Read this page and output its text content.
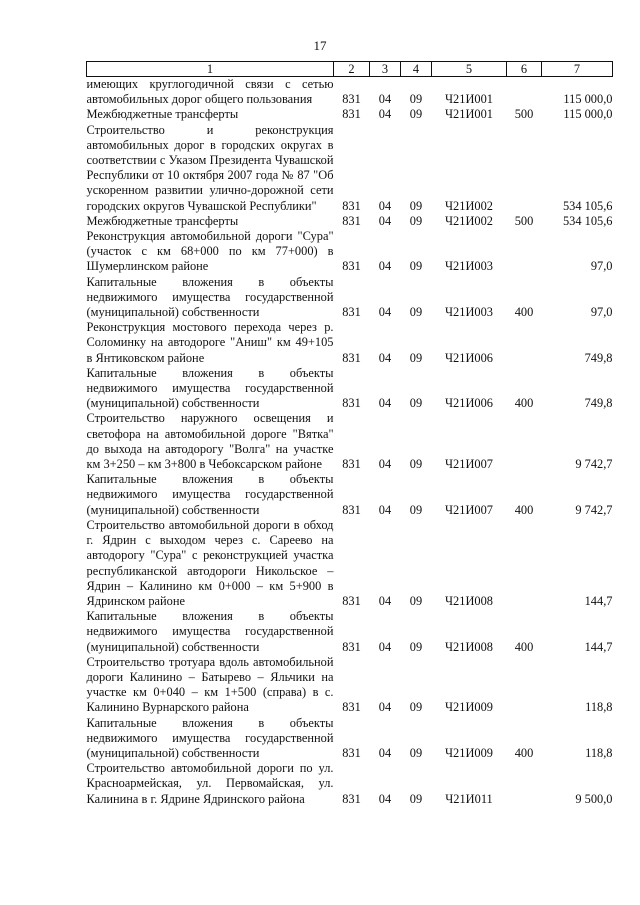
17
1	2	3	4	5	6	7
имеющих круглогодичной связи с сетью автомобильных дорог общего пользования	831	04	09	Ч21И001		115 000,0
Межбюджетные трансферты	831	04	09	Ч21И001	500	115 000,0
Строительство и реконструкция автомобильных дорог в городских округах в соответствии с Указом Президента Чувашской Республики от 10 октября 2007 года № 87 "Об ускоренном развитии улично-дорожной сети городских округов Чувашской Республики"	831	04	09	Ч21И002		534 105,6
Межбюджетные трансферты	831	04	09	Ч21И002	500	534 105,6
Реконструкция автомобильной дороги "Сура" (участок с км 68+000 по км 77+000) в Шумерлинском районе	831	04	09	Ч21И003		97,0
Капитальные вложения в объекты недвижимого имущества государственной (муниципальной) собственности	831	04	09	Ч21И003	400	97,0
Реконструкция мостового перехода через р. Соломинку на автодороге "Аниш" км 49+105 в Янтиковском районе	831	04	09	Ч21И006		749,8
Капитальные вложения в объекты недвижимого имущества государственной (муниципальной) собственности	831	04	09	Ч21И006	400	749,8
Строительство наружного освещения и светофора на автомобильной дороге "Вятка" до выхода на автодорогу "Волга" на участке км 3+250 – км 3+800 в Чебоксарском районе	831	04	09	Ч21И007		9 742,7
Капитальные вложения в объекты недвижимого имущества государственной (муниципальной) собственности	831	04	09	Ч21И007	400	9 742,7
Строительство автомобильной дороги в обход г. Ядрин с выходом через с. Сареево на автодорогу "Сура" с реконструкцией участка республиканской автодороги Никольское – Ядрин – Калинино км 0+000 – км 5+900 в Ядринском районе	831	04	09	Ч21И008		144,7
Капитальные вложения в объекты недвижимого имущества государственной (муниципальной) собственности	831	04	09	Ч21И008	400	144,7
Строительство тротуара вдоль автомобильной дороги Калинино – Батырево – Яльчики на участке км 0+040 – км 1+500 (справа) в с. Калинино Вурнарского района	831	04	09	Ч21И009		118,8
Капитальные вложения в объекты недвижимого имущества государственной (муниципальной) собственности	831	04	09	Ч21И009	400	118,8
Строительство автомобильной дороги по ул. Красноармейская, ул. Первомайская, ул. Калинина в г. Ядрине Ядринского района	831	04	09	Ч21И011		9 500,0
